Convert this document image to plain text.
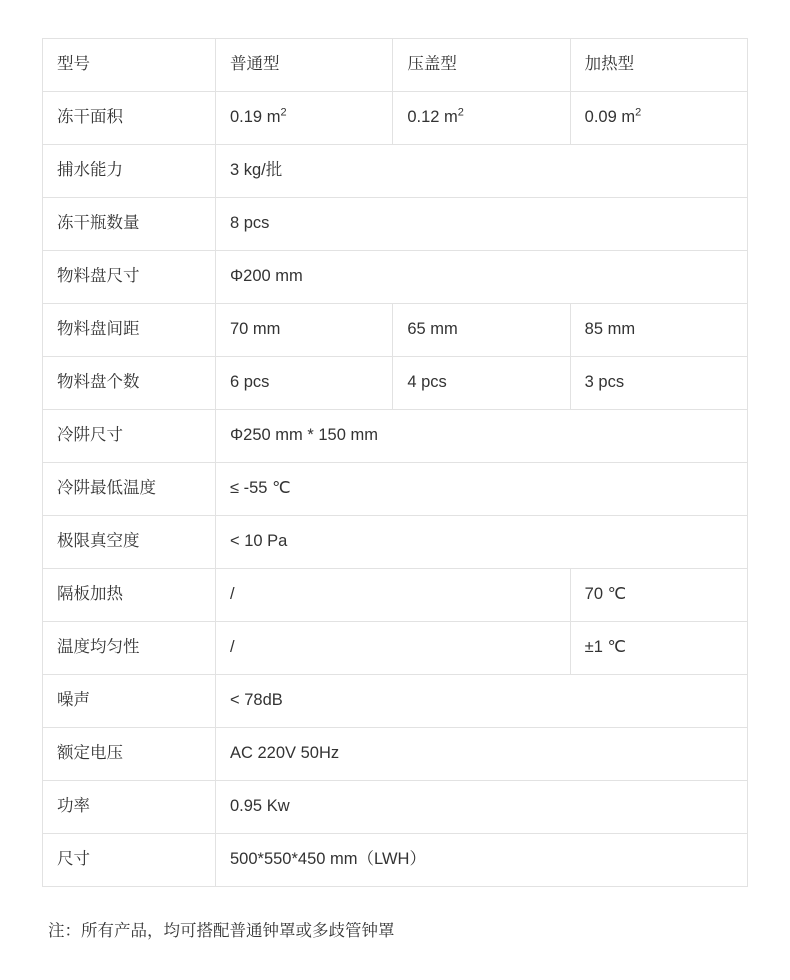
型号	普通型	压盖型	加热型
冻干面积	0.19 $m^2$	0.12 $m^2$	0.09 $m^2$
捕水能力	3 kg/批		
冻干瓶数量	8 pcs		
物料盘尺寸	Φ200 mm		
物料盘间距	70 mm	65 mm	85 mm
物料盘个数	6 pcs	4 pcs	3 pcs
冷阱尺寸	Φ250 mm * 150 mm		
冷阱最低温度	≤ -55 ℃		
极限真空度	< 10 Pa		
隔板加热	/		70 ℃
温度均匀性	/		±1 ℃
噪声	< 78dB		
额定电压	AC 220V 50Hz		
功率	0.95 Kw		
尺寸	500*550*450 mm（LWH）		
注：所有产品，均可搭配普通钟罩或多歧管钟罩
